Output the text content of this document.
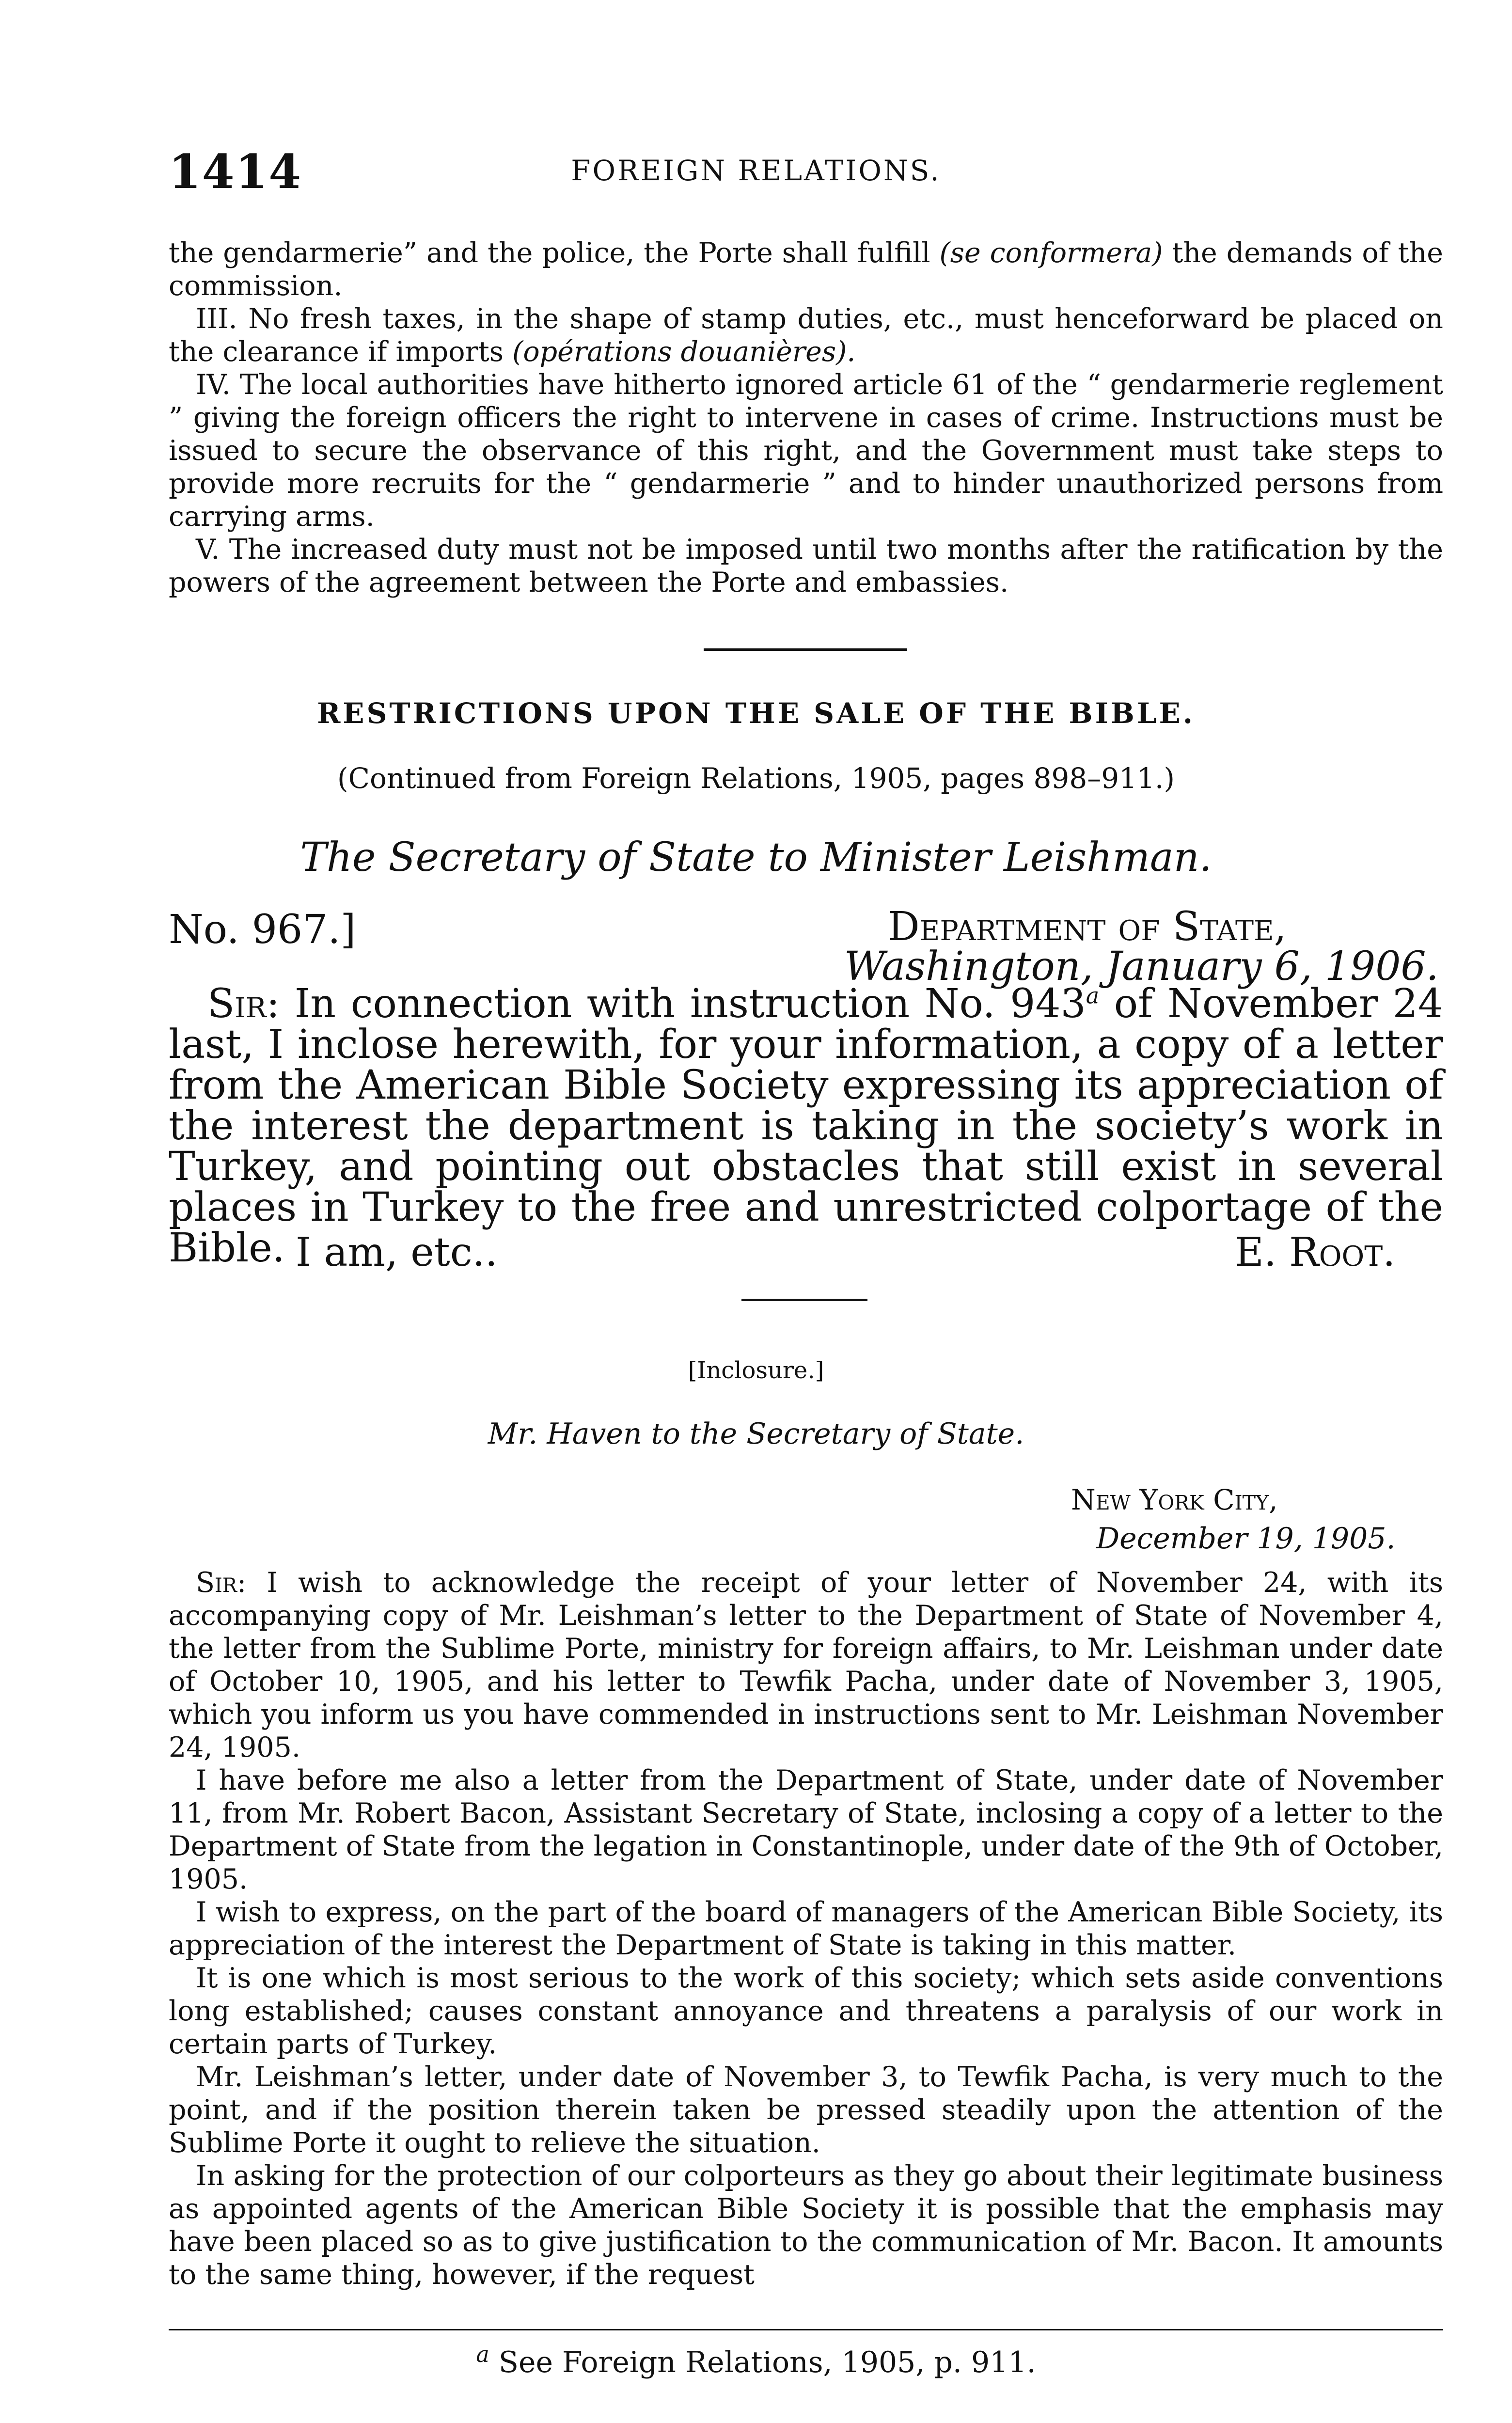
1414	FOREIGN RELATIONS.

the gendarmerie” and the police, the Porte shall fulfill (se conformera) the demands of the commission.

III. No fresh taxes, in the shape of stamp duties, etc., must henceforward be placed on the clearance if imports (opérations douanières).

IV. The local authorities have hitherto ignored article 61 of the “ gendarmerie reglement ” giving the foreign officers the right to intervene in cases of crime. Instructions must be issued to secure the observance of this right, and the Government must take steps to provide more recruits for the “ gendarmerie ” and to hinder unauthorized persons from carrying arms.

V. The increased duty must not be imposed until two months after the ratification by the powers of the agreement between the Porte and embassies.

RESTRICTIONS UPON THE SALE OF THE BIBLE.
(Continued from Foreign Relations, 1905, pages 898–911.)
The Secretary of State to Minister Leishman.
No. 967.]	Department of State,
Washington, January 6, 1906.

Sir: In connection with instruction No. 943$^a$ of November 24 last, I inclose herewith, for your information, a copy of a letter from the American Bible Society expressing its appreciation of the interest the department is taking in the society’s work in Turkey, and pointing out obstacles that still exist in several places in Turkey to the free and unrestricted colportage of the Bible. I am, etc..	E. Root.
[Inclosure.]
Mr. Haven to the Secretary of State.
New York City,
December 19, 1905.

Sir: I wish to acknowledge the receipt of your letter of November 24, with its accompanying copy of Mr. Leishman’s letter to the Department of State of November 4, the letter from the Sublime Porte, ministry for foreign affairs, to Mr. Leishman under date of October 10, 1905, and his letter to Tewfik Pacha, under date of November 3, 1905, which you inform us you have commended in instructions sent to Mr. Leishman November 24, 1905.

I have before me also a letter from the Department of State, under date of November 11, from Mr. Robert Bacon, Assistant Secretary of State, inclosing a copy of a letter to the Department of State from the legation in Constantinople, under date of the 9th of October, 1905.

I wish to express, on the part of the board of managers of the American Bible Society, its appreciation of the interest the Department of State is taking in this matter.

It is one which is most serious to the work of this society; which sets aside conventions long established; causes constant annoyance and threatens a paralysis of our work in certain parts of Turkey.

Mr. Leishman’s letter, under date of November 3, to Tewfik Pacha, is very much to the point, and if the position therein taken be pressed steadily upon the attention of the Sublime Porte it ought to relieve the situation.

In asking for the protection of our colporteurs as they go about their legitimate business as appointed agents of the American Bible Society it is possible that the emphasis may have been placed so as to give justification to the communication of Mr. Bacon. It amounts to the same thing, however, if the request

$^a$ See Foreign Relations, 1905, p. 911.
